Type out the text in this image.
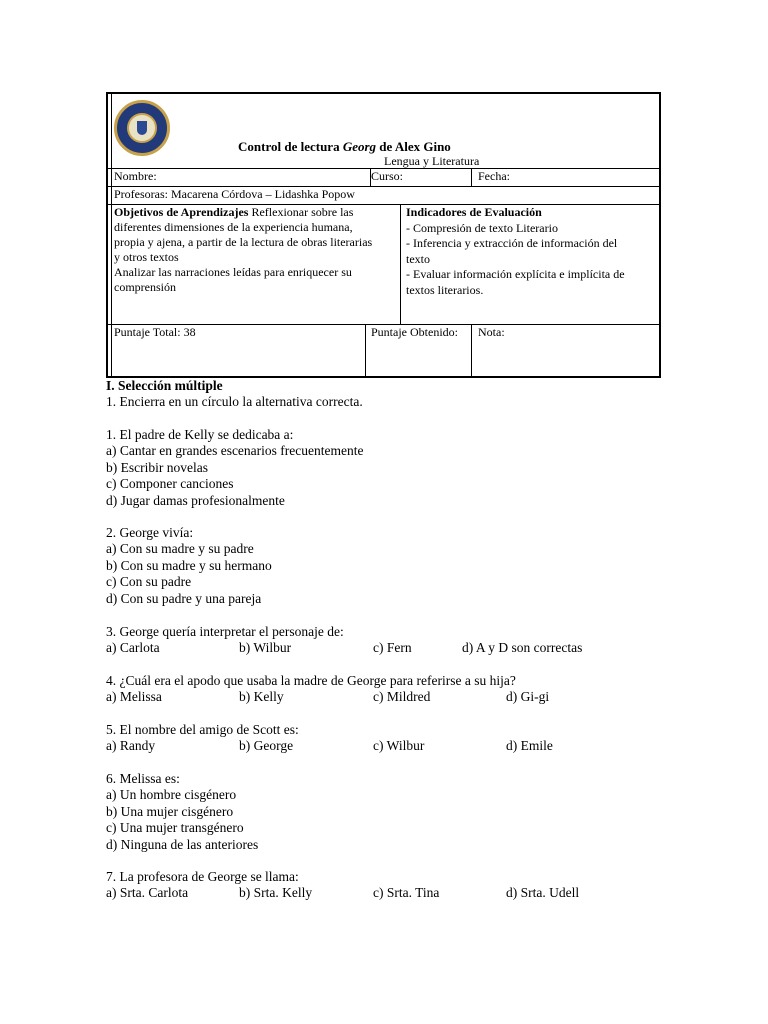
Control de lectura Georg de Alex Gino
Lengua y Literatura
Nombre:	Curso:	Fecha:
Profesoras: Macarena Córdova – Lidashka Popow
Objetivos de Aprendizajes Reflexionar sobre las
diferentes dimensiones de la experiencia humana,
propia y ajena, a partir de la lectura de obras literarias
y otros textos
Analizar las narraciones leídas para enriquecer su
comprensión
Indicadores de Evaluación
- Compresión de texto Literario
- Inferencia y extracción de información del
texto
- Evaluar información explícita e implícita de
textos literarios.
Puntaje Total: 38	Puntaje Obtenido: Nota:
I. Selección múltiple
1. Encierra en un círculo la alternativa correcta.
1. El padre de Kelly se dedicaba a:
a) Cantar en grandes escenarios frecuentemente
b) Escribir novelas
c) Componer canciones
d) Jugar damas profesionalmente
2. George vivía:
a) Con su madre y su padre
b) Con su madre y su hermano
c) Con su padre
d) Con su padre y una pareja
3. George quería interpretar el personaje de:
a) Carlota	b) Wilbur	c) Fern	d) A y D son correctas
4. ¿Cuál era el apodo que usaba la madre de George para referirse a su hija?
a) Melissa	b) Kelly	c) Mildred	d) Gi-gi
5. El nombre del amigo de Scott es:
a) Randy	b) George	c) Wilbur	d) Emile
6. Melissa es:
a) Un hombre cisgénero
b) Una mujer cisgénero
c) Una mujer transgénero
d) Ninguna de las anteriores
7. La profesora de George se llama:
a) Srta. Carlota	b) Srta. Kelly	c) Srta. Tina	d) Srta. Udell
